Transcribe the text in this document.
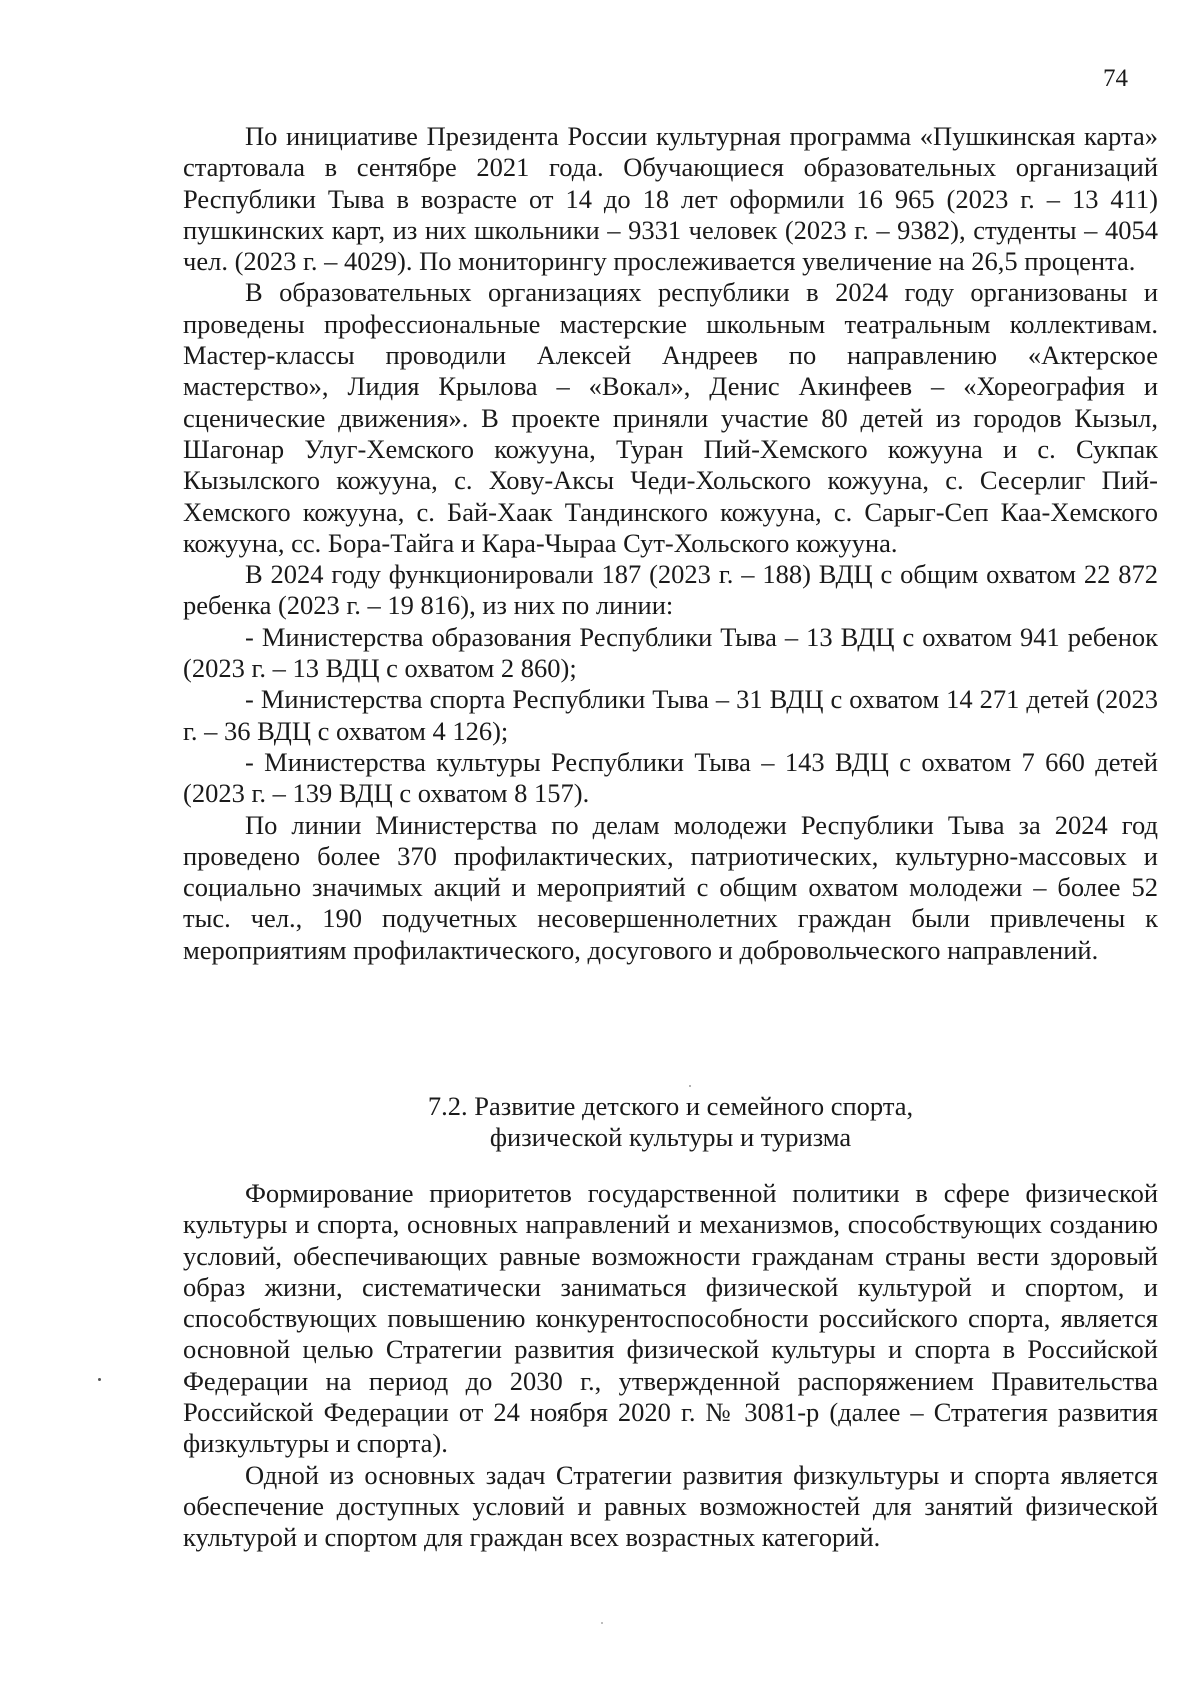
74

По инициативе Президента России культурная программа «Пушкинская карта» стартовала в сентябре 2021 года. Обучающиеся образовательных организаций Республики Тыва в возрасте от 14 до 18 лет оформили 16 965 (2023 г. – 13 411) пушкинских карт, из них школьники – 9331 человек (2023 г. – 9382), студенты – 4054 чел. (2023 г. – 4029). По мониторингу прослеживается увеличение на 26,5 процента.

В образовательных организациях республики в 2024 году организованы и проведены профессиональные мастерские школьным театральным коллективам. Мастер-классы проводили Алексей Андреев по направлению «Актерское мастерство», Лидия Крылова – «Вокал», Денис Акинфеев – «Хореография и сценические движения». В проекте приняли участие 80 детей из городов Кызыл, Шагонар Улуг-Хемского кожууна, Туран Пий-Хемского кожууна и с. Сукпак Кызылского кожууна, с. Хову-Аксы Чеди-Хольского кожууна, с. Сесерлиг Пий-Хемского кожууна, с. Бай-Хаак Тандинского кожууна, с. Сарыг-Сеп Каа-Хемского кожууна, сс. Бора-Тайга и Кара-Чыраа Сут-Хольского кожууна.

В 2024 году функционировали 187 (2023 г. – 188) ВДЦ с общим охватом 22 872 ребенка (2023 г. – 19 816), из них по линии:

- Министерства образования Республики Тыва – 13 ВДЦ с охватом 941 ребенок (2023 г. – 13 ВДЦ с охватом 2 860);

- Министерства спорта Республики Тыва – 31 ВДЦ с охватом 14 271 детей (2023 г. – 36 ВДЦ с охватом 4 126);

- Министерства культуры Республики Тыва – 143 ВДЦ с охватом 7 660 детей (2023 г. – 139 ВДЦ с охватом 8 157).

По линии Министерства по делам молодежи Республики Тыва за 2024 год проведено более 370 профилактических, патриотических, культурно-массовых и социально значимых акций и мероприятий с общим охватом молодежи – более 52 тыс. чел., 190 подучетных несовершеннолетних граждан были привлечены к мероприятиям профилактического, досугового и добровольческого направлений.

7.2. Развитие детского и семейного спорта,
физической культуры и туризма

Формирование приоритетов государственной политики в сфере физической культуры и спорта, основных направлений и механизмов, способствующих созданию условий, обеспечивающих равные возможности гражданам страны вести здоровый образ жизни, систематически заниматься физической культурой и спортом, и способствующих повышению конкурентоспособности российского спорта, является основной целью Стратегии развития физической культуры и спорта в Российской Федерации на период до 2030 г., утвержденной распоряжением Правительства Российской Федерации от 24 ноября 2020 г. № 3081-р (далее – Стратегия развития физкультуры и спорта).

Одной из основных задач Стратегии развития физкультуры и спорта является обеспечение доступных условий и равных возможностей для занятий физической культурой и спортом для граждан всех возрастных категорий.
